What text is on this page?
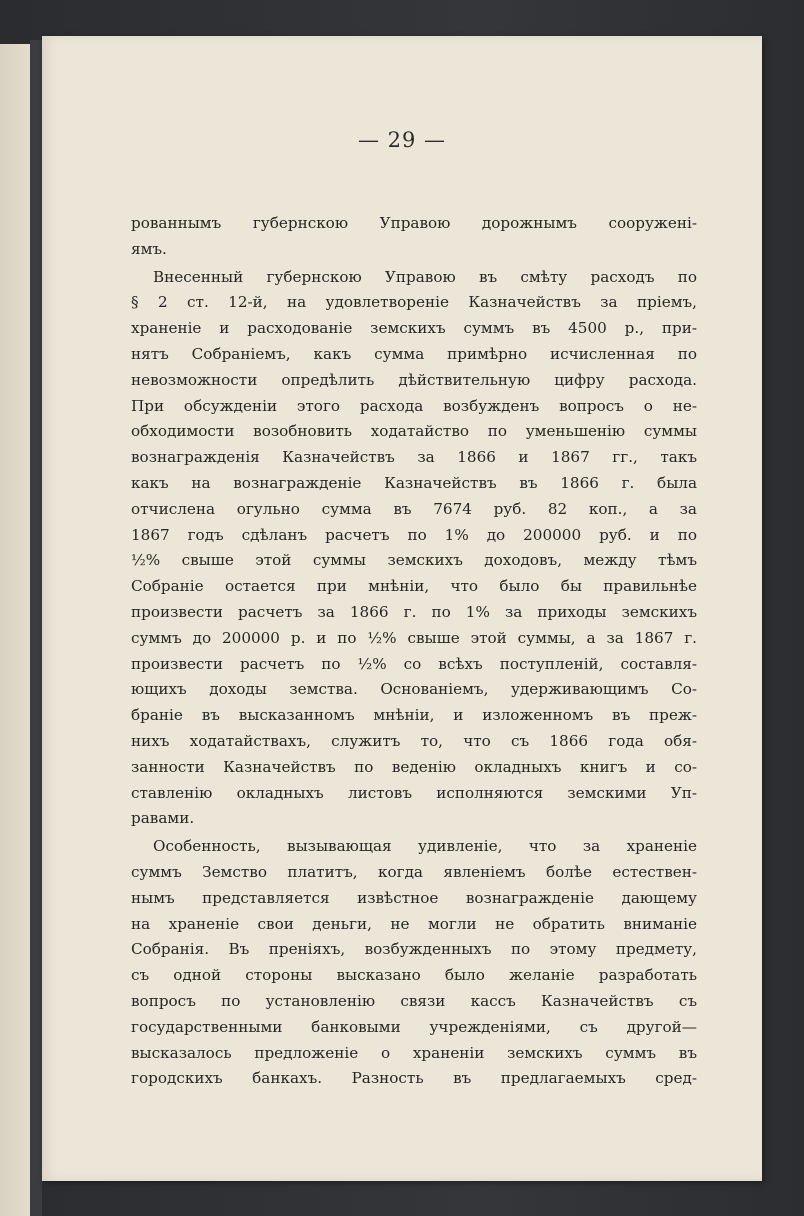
— 29 —
рованнымъ губернскою Управою дорожнымъ сооружені-
ямъ.
Внесенный губернскою Управою въ смѣту расходъ по
§ 2 ст. 12-й, на удовлетвореніе Казначействъ за пріемъ,
храненіе и расходованіе земскихъ суммъ въ 4500 р., при-
нятъ Собраніемъ, какъ сумма примѣрно исчисленная по
невозможности опредѣлить дѣйствительную цифру расхода.
При обсужденіи этого расхода возбужденъ вопросъ о не-
обходимости возобновить ходатайство по уменьшенію суммы
вознагражденія Казначействъ за 1866 и 1867 гг., такъ
какъ на вознагражденіе Казначействъ въ 1866 г. была
отчислена огульно сумма въ 7674 руб. 82 коп., а за
1867 годъ сдѣланъ расчетъ по 1% до 200000 руб. и по
½% свыше этой суммы земскихъ доходовъ, между тѣмъ
Собраніе остается при мнѣніи, что было бы правильнѣе
произвести расчетъ за 1866 г. по 1% за приходы земскихъ
суммъ до 200000 р. и по ½% свыше этой суммы, а за 1867 г.
произвести расчетъ по ½% со всѣхъ поступленій, составля-
ющихъ доходы земства. Основаніемъ, удерживающимъ Со-
браніе въ высказанномъ мнѣніи, и изложенномъ въ преж-
нихъ ходатайствахъ, служитъ то, что съ 1866 года обя-
занности Казначействъ по веденію окладныхъ книгъ и со-
ставленію окладныхъ листовъ исполняются земскими Уп-
равами.
Особенность, вызывающая удивленіе, что за храненіе
суммъ Земство платитъ, когда явленіемъ болѣе естествен-
нымъ представляется извѣстное вознагражденіе дающему
на храненіе свои деньги, не могли не обратить вниманіе
Собранія. Въ преніяхъ, возбужденныхъ по этому предмету,
съ одной стороны высказано было желаніе разработать
вопросъ по установленію связи кассъ Казначействъ съ
государственными банковыми учрежденіями, съ другой—
высказалось предложеніе о храненіи земскихъ суммъ въ
городскихъ банкахъ. Разность въ предлагаемыхъ сред-
